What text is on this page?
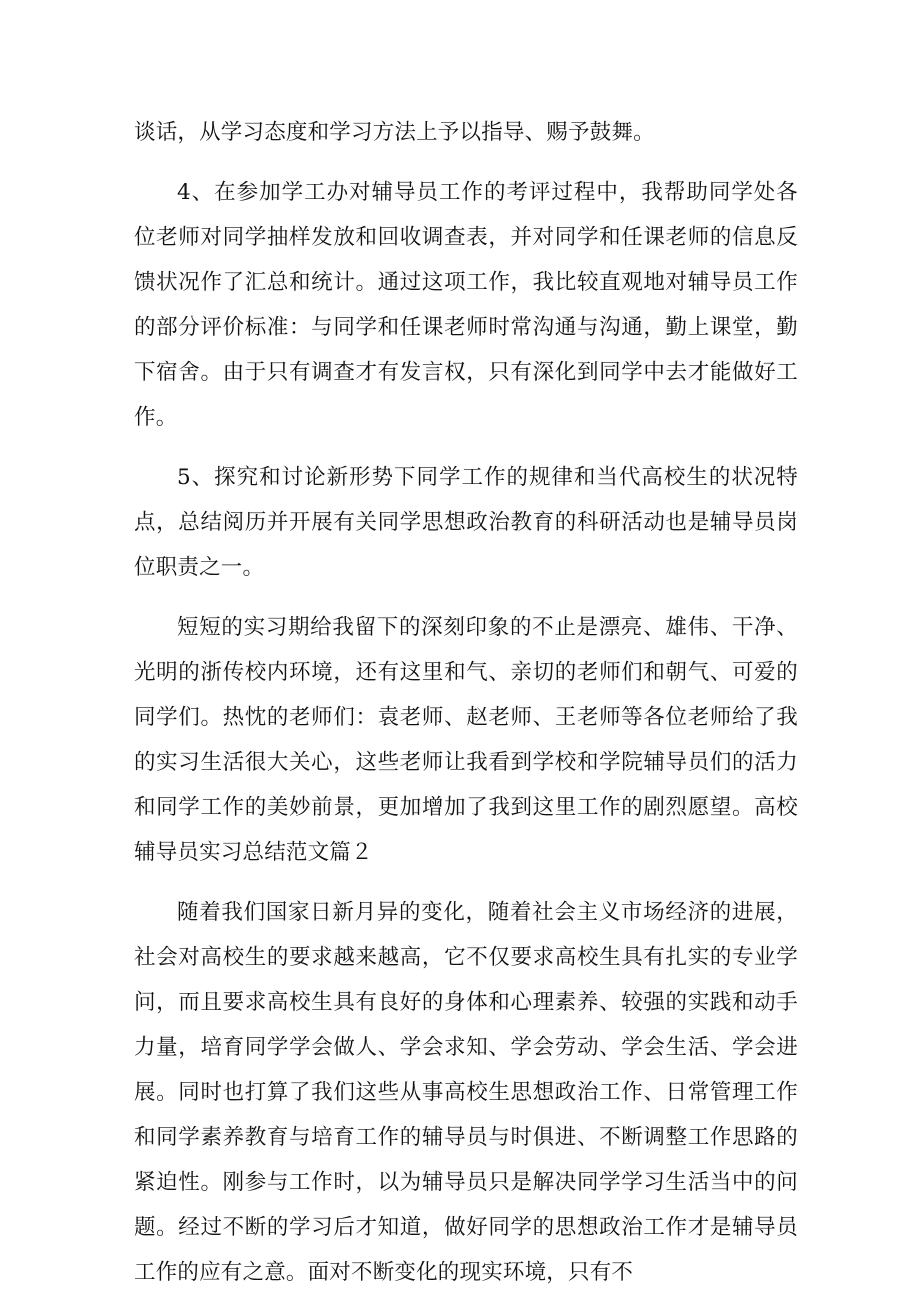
谈话，从学习态度和学习方法上予以指导、赐予鼓舞。

4、在参加学工办对辅导员工作的考评过程中，我帮助同学处各位老师对同学抽样发放和回收调查表，并对同学和任课老师的信息反馈状况作了汇总和统计。通过这项工作，我比较直观地对辅导员工作的部分评价标准：与同学和任课老师时常沟通与沟通，勤上课堂，勤下宿舍。由于只有调查才有发言权，只有深化到同学中去才能做好工作。

5、探究和讨论新形势下同学工作的规律和当代高校生的状况特点，总结阅历并开展有关同学思想政治教育的科研活动也是辅导员岗位职责之一。

短短的实习期给我留下的深刻印象的不止是漂亮、雄伟、干净、光明的浙传校内环境，还有这里和气、亲切的老师们和朝气、可爱的同学们。热忱的老师们：袁老师、赵老师、王老师等各位老师给了我的实习生活很大关心，这些老师让我看到学校和学院辅导员们的活力和同学工作的美妙前景，更加增加了我到这里工作的剧烈愿望。高校辅导员实习总结范文篇２

随着我们国家日新月异的变化，随着社会主义市场经济的进展，社会对高校生的要求越来越高，它不仅要求高校生具有扎实的专业学问，而且要求高校生具有良好的身体和心理素养、较强的实践和动手力量，培育同学学会做人、学会求知、学会劳动、学会生活、学会进展。同时也打算了我们这些从事高校生思想政治工作、日常管理工作和同学素养教育与培育工作的辅导员与时俱进、不断调整工作思路的紧迫性。刚参与工作时，以为辅导员只是解决同学学习生活当中的问题。经过不断的学习后才知道，做好同学的思想政治工作才是辅导员工作的应有之意。面对不断变化的现实环境，只有不
